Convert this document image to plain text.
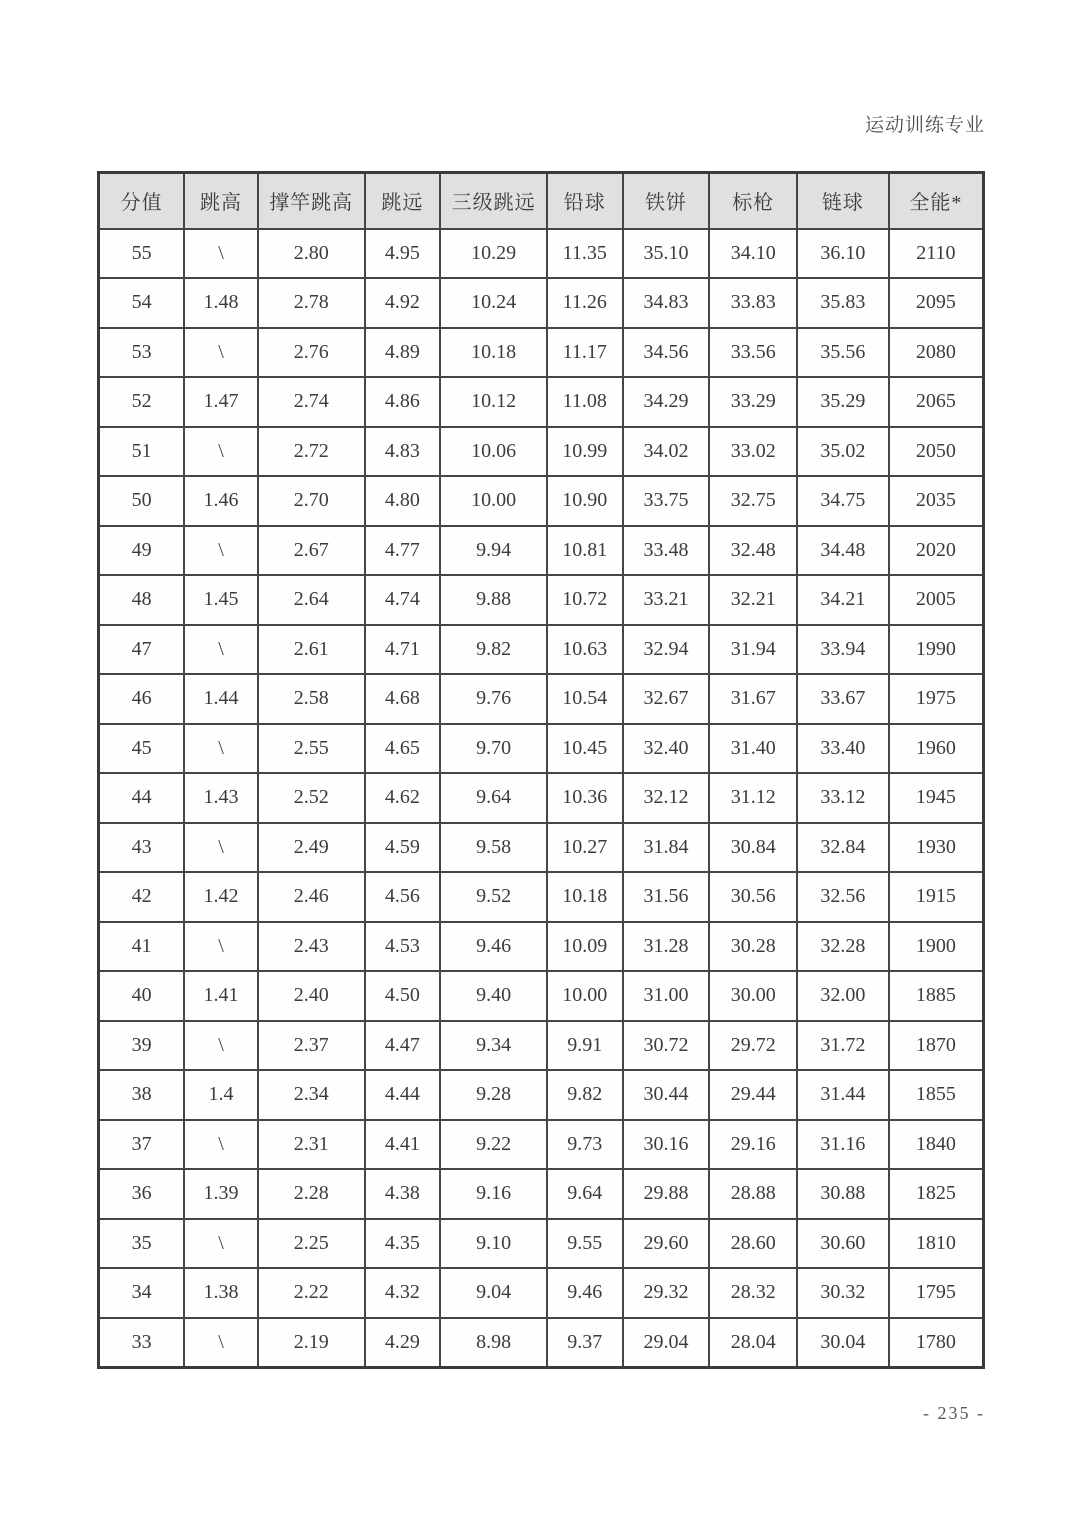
运动训练专业
分值	跳高	撑竿跳高	跳远	三级跳远	铅球	铁饼	标枪	链球	全能*
55	\	2.80	4.95	10.29	11.35	35.10	34.10	36.10	2110
54	1.48	2.78	4.92	10.24	11.26	34.83	33.83	35.83	2095
53	\	2.76	4.89	10.18	11.17	34.56	33.56	35.56	2080
52	1.47	2.74	4.86	10.12	11.08	34.29	33.29	35.29	2065
51	\	2.72	4.83	10.06	10.99	34.02	33.02	35.02	2050
50	1.46	2.70	4.80	10.00	10.90	33.75	32.75	34.75	2035
49	\	2.67	4.77	9.94	10.81	33.48	32.48	34.48	2020
48	1.45	2.64	4.74	9.88	10.72	33.21	32.21	34.21	2005
47	\	2.61	4.71	9.82	10.63	32.94	31.94	33.94	1990
46	1.44	2.58	4.68	9.76	10.54	32.67	31.67	33.67	1975
45	\	2.55	4.65	9.70	10.45	32.40	31.40	33.40	1960
44	1.43	2.52	4.62	9.64	10.36	32.12	31.12	33.12	1945
43	\	2.49	4.59	9.58	10.27	31.84	30.84	32.84	1930
42	1.42	2.46	4.56	9.52	10.18	31.56	30.56	32.56	1915
41	\	2.43	4.53	9.46	10.09	31.28	30.28	32.28	1900
40	1.41	2.40	4.50	9.40	10.00	31.00	30.00	32.00	1885
39	\	2.37	4.47	9.34	9.91	30.72	29.72	31.72	1870
38	1.4	2.34	4.44	9.28	9.82	30.44	29.44	31.44	1855
37	\	2.31	4.41	9.22	9.73	30.16	29.16	31.16	1840
36	1.39	2.28	4.38	9.16	9.64	29.88	28.88	30.88	1825
35	\	2.25	4.35	9.10	9.55	29.60	28.60	30.60	1810
34	1.38	2.22	4.32	9.04	9.46	29.32	28.32	30.32	1795
33	\	2.19	4.29	8.98	9.37	29.04	28.04	30.04	1780
- 235 -
